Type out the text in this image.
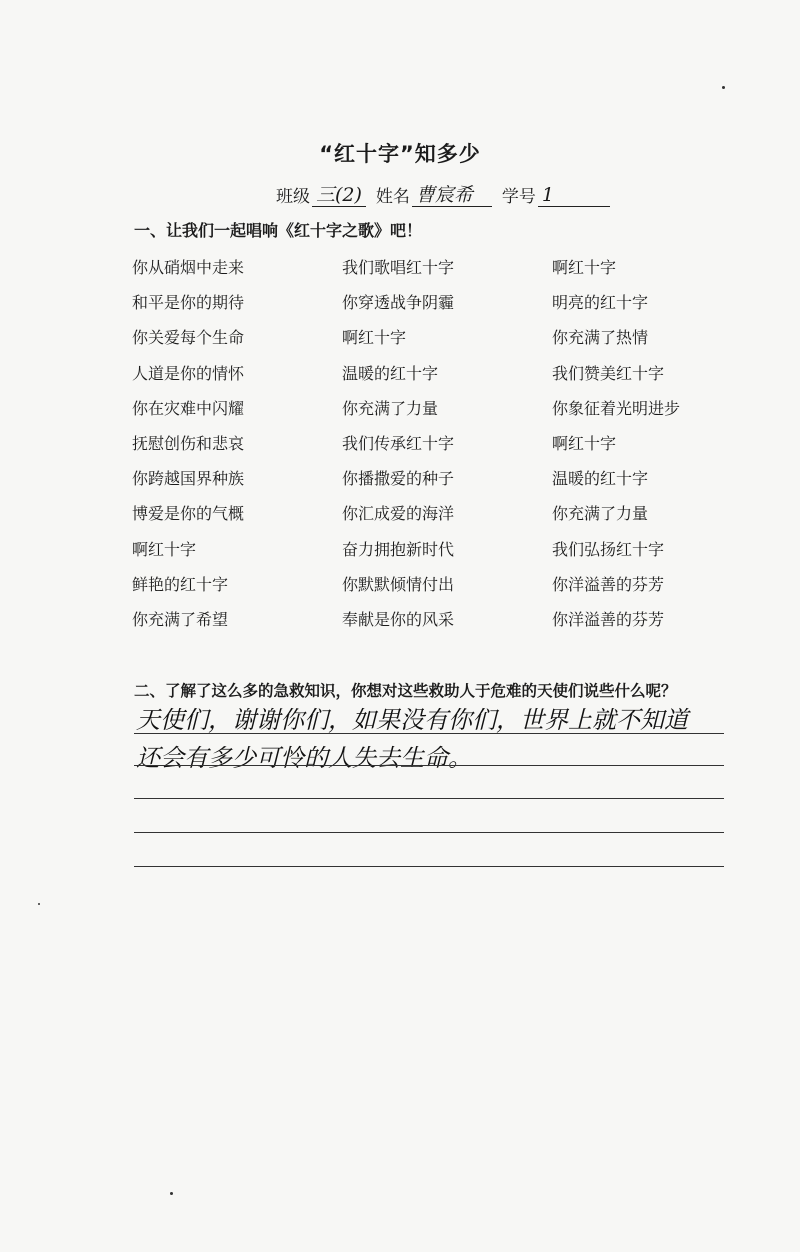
“红十字”知多少
班级 三(2) 姓名 曹宸希	学号 1
一、让我们一起唱响《红十字之歌》吧！
你从硝烟中走来	我们歌唱红十字	啊红十字
和平是你的期待	你穿透战争阴霾	明亮的红十字
你关爱每个生命	啊红十字	你充满了热情
人道是你的情怀	温暖的红十字	我们赞美红十字
你在灾难中闪耀	你充满了力量	你象征着光明进步
抚慰创伤和悲哀	我们传承红十字	啊红十字
你跨越国界种族	你播撒爱的种子	温暖的红十字
博爱是你的气概	你汇成爱的海洋	你充满了力量
啊红十字	奋力拥抱新时代	我们弘扬红十字
鲜艳的红十字	你默默倾情付出	你洋溢善的芬芳
你充满了希望	奉献是你的风采	你洋溢善的芬芳
二、了解了这么多的急救知识，你想对这些救助人于危难的天使们说些什么呢？
天使们，谢谢你们，如果没有你们，世界上就不知道
还会有多少可怜的人失去生命。
